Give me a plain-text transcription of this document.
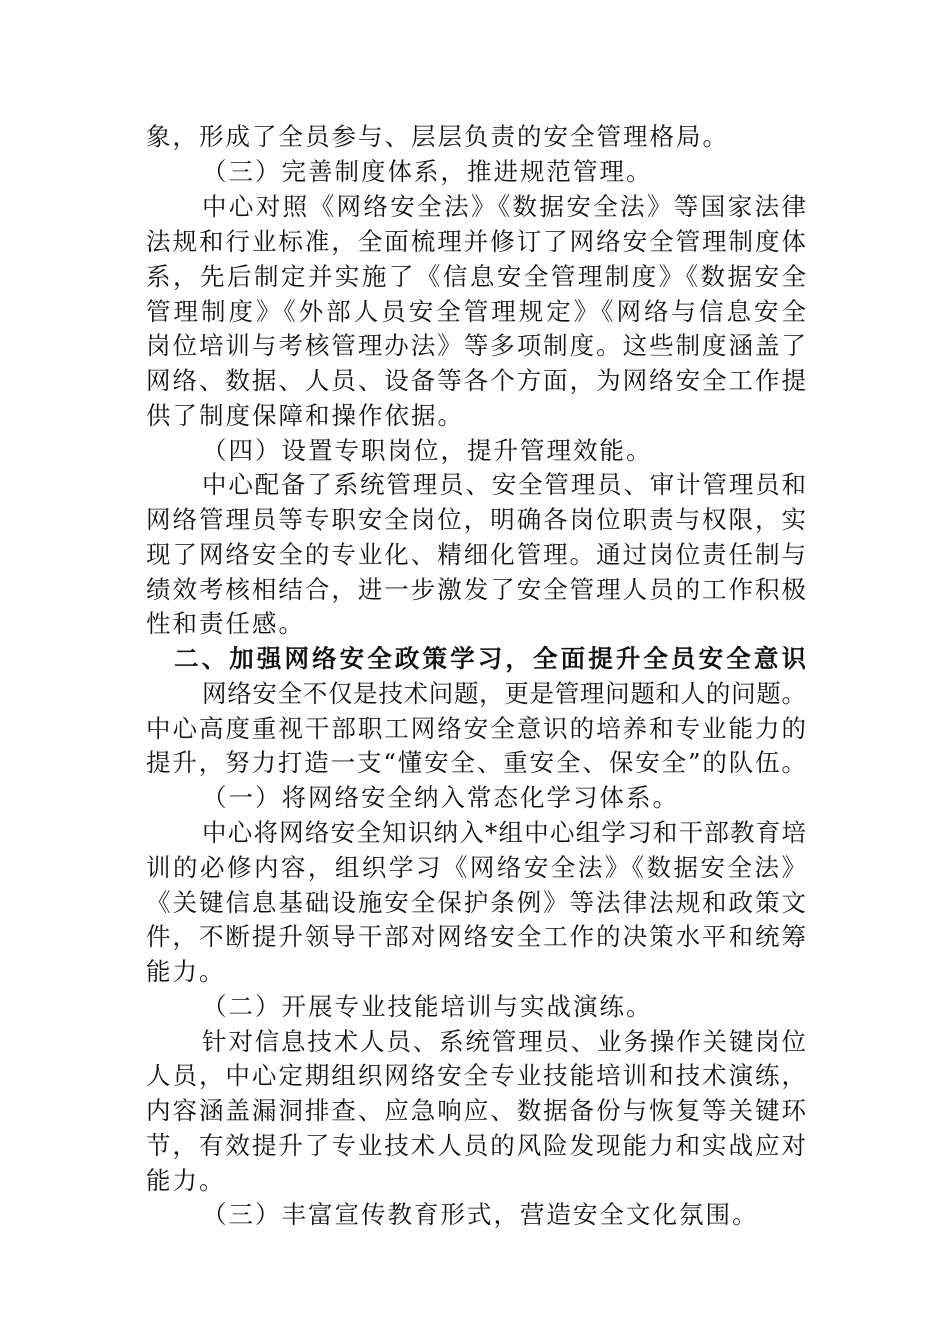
象，形成了全员参与、层层负责的安全管理格局。
（三）完善制度体系，推进规范管理。
中心对照《网络安全法》《数据安全法》等国家法律
法规和行业标准，全面梳理并修订了网络安全管理制度体
系，先后制定并实施了《信息安全管理制度》《数据安全
管理制度》《外部人员安全管理规定》《网络与信息安全
岗位培训与考核管理办法》等多项制度。这些制度涵盖了
网络、数据、人员、设备等各个方面，为网络安全工作提
供了制度保障和操作依据。
（四）设置专职岗位，提升管理效能。
中心配备了系统管理员、安全管理员、审计管理员和
网络管理员等专职安全岗位，明确各岗位职责与权限，实
现了网络安全的专业化、精细化管理。通过岗位责任制与
绩效考核相结合，进一步激发了安全管理人员的工作积极
性和责任感。
二、加强网络安全政策学习，全面提升全员安全意识
网络安全不仅是技术问题，更是管理问题和人的问题。
中心高度重视干部职工网络安全意识的培养和专业能力的
提升，努力打造一支“懂安全、重安全、保安全”的队伍。
（一）将网络安全纳入常态化学习体系。
中心将网络安全知识纳入*组中心组学习和干部教育培
训的必修内容，组织学习《网络安全法》《数据安全法》
《关键信息基础设施安全保护条例》等法律法规和政策文
件，不断提升领导干部对网络安全工作的决策水平和统筹
能力。
（二）开展专业技能培训与实战演练。
针对信息技术人员、系统管理员、业务操作关键岗位
人员，中心定期组织网络安全专业技能培训和技术演练，
内容涵盖漏洞排查、应急响应、数据备份与恢复等关键环
节，有效提升了专业技术人员的风险发现能力和实战应对
能力。
（三）丰富宣传教育形式，营造安全文化氛围。
